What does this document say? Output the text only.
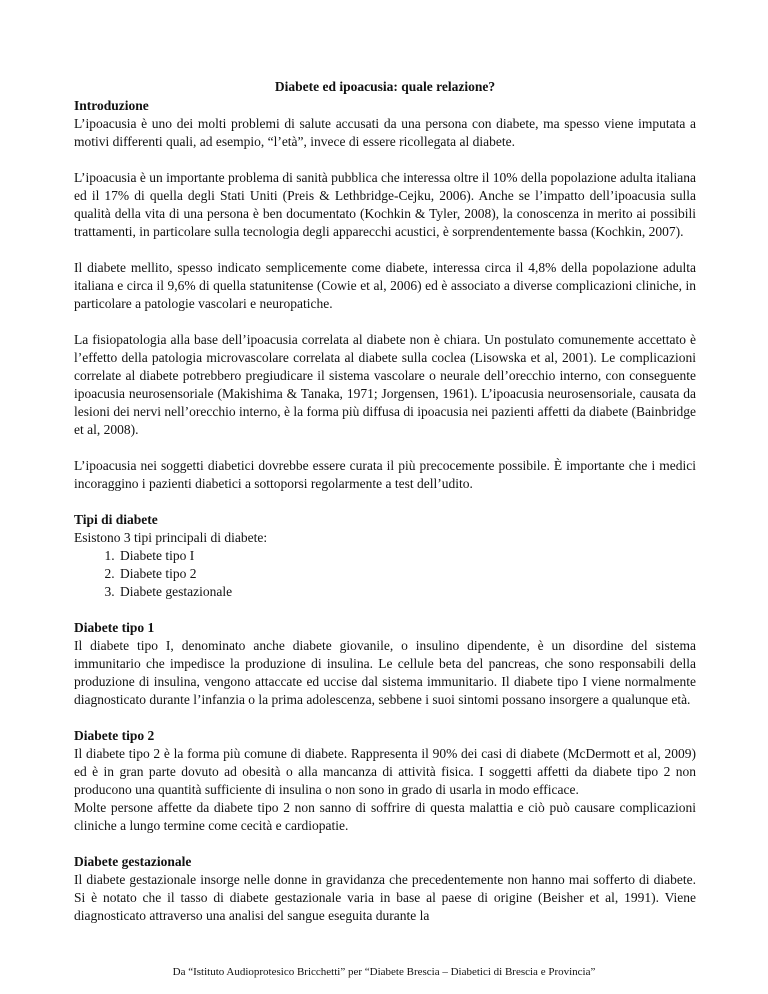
Diabete ed ipoacusia: quale relazione?
Introduzione

L’ipoacusia è uno dei molti problemi di salute accusati da una persona con diabete, ma spesso viene imputata a motivi differenti quali, ad esempio, “l’età”, invece di essere ricollegata al diabete.

L’ipoacusia è un importante problema di sanità pubblica che interessa oltre il 10% della popolazione adulta italiana ed il 17% di quella degli Stati Uniti (Preis & Lethbridge-Cejku, 2006). Anche se l’impatto dell’ipoacusia sulla qualità della vita di una persona è ben documentato (Kochkin & Tyler, 2008), la conoscenza in merito ai possibili trattamenti, in particolare sulla tecnologia degli apparecchi acustici, è sorprendentemente bassa (Kochkin, 2007).

Il diabete mellito, spesso indicato semplicemente come diabete, interessa circa il 4,8% della popolazione adulta italiana e circa il 9,6% di quella statunitense (Cowie et al, 2006) ed è associato a diverse complicazioni cliniche, in particolare a patologie vascolari e neuropatiche.

La fisiopatologia alla base dell’ipoacusia correlata al diabete non è chiara. Un postulato comunemente accettato è l’effetto della patologia microvascolare correlata al diabete sulla coclea (Lisowska et al, 2001). Le complicazioni correlate al diabete potrebbero pregiudicare il sistema vascolare o neurale dell’orecchio interno, con conseguente ipoacusia neurosensoriale (Makishima & Tanaka, 1971; Jorgensen, 1961). L’ipoacusia neurosensoriale, causata da lesioni dei nervi nell’orecchio interno, è la forma più diffusa di ipoacusia nei pazienti affetti da diabete (Bainbridge et al, 2008).

L’ipoacusia nei soggetti diabetici dovrebbe essere curata il più precocemente possibile. È importante che i medici incoraggino i pazienti diabetici a sottoporsi regolarmente a test dell’udito.

Tipi di diabete
Esistono 3 tipi principali di diabete:
1. Diabete tipo I
2. Diabete tipo 2
3. Diabete gestazionale
Diabete tipo 1

Il diabete tipo I, denominato anche diabete giovanile, o insulino dipendente, è un disordine del sistema immunitario che impedisce la produzione di insulina. Le cellule beta del pancreas, che sono responsabili della produzione di insulina, vengono attaccate ed uccise dal sistema immunitario. Il diabete tipo I viene normalmente diagnosticato durante l’infanzia o la prima adolescenza, sebbene i suoi sintomi possano insorgere a qualunque età.

Diabete tipo 2

Il diabete tipo 2 è la forma più comune di diabete. Rappresenta il 90% dei casi di diabete (McDermott et al, 2009) ed è in gran parte dovuto ad obesità o alla mancanza di attività fisica. I soggetti affetti da diabete tipo 2 non producono una quantità sufficiente di insulina o non sono in grado di usarla in modo efficace.

Molte persone affette da diabete tipo 2 non sanno di soffrire di questa malattia e ciò può causare complicazioni cliniche a lungo termine come cecità e cardiopatie.

Diabete gestazionale

Il diabete gestazionale insorge nelle donne in gravidanza che precedentemente non hanno mai sofferto di diabete. Si è notato che il tasso di diabete gestazionale varia in base al paese di origine (Beisher et al, 1991). Viene diagnosticato attraverso una analisi del sangue eseguita durante la

Da “Istituto Audioprotesico Bricchetti” per “Diabete Brescia – Diabetici di Brescia e Provincia”
